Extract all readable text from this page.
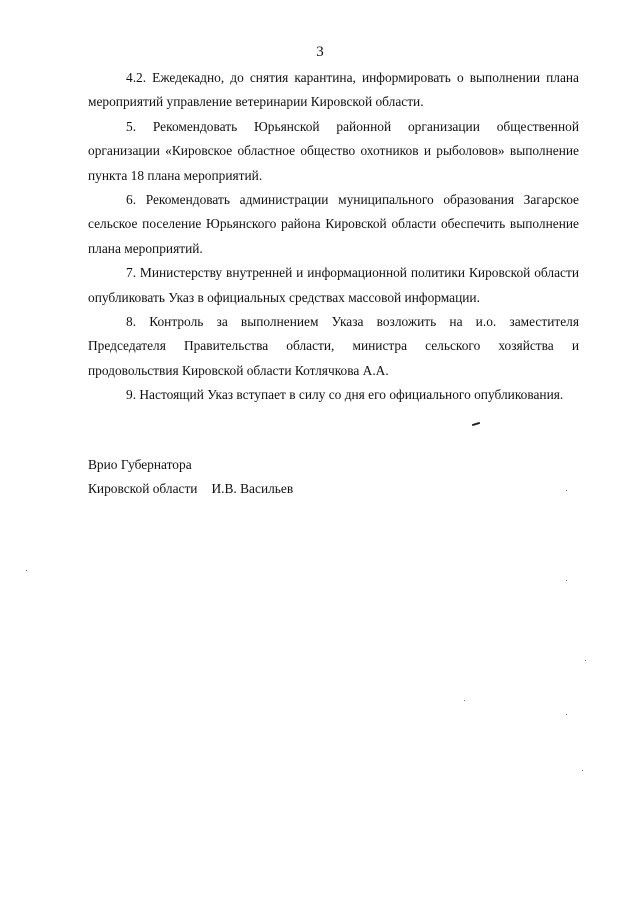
3

4.2. Ежедекадно, до снятия карантина, информировать о выполнении плана мероприятий управление ветеринарии Кировской области.

5. Рекомендовать Юрьянской районной организации общественной организации «Кировское областное общество охотников и рыболовов» выполнение пункта 18 плана мероприятий.

6. Рекомендовать администрации муниципального образования Загарское сельское поселение Юрьянского района Кировской области обеспечить выполнение плана мероприятий.

7. Министерству внутренней и информационной политики Кировской области опубликовать Указ в официальных средствах массовой информации.

8. Контроль за выполнением Указа возложить на и.о. заместителя Председателя Правительства области, министра сельского хозяйства и продовольствия Кировской области Котлячкова А.А.

9. Настоящий Указ вступает в силу со дня его официального опубликования.

Врио Губернатора
Кировской области И.В. Васильев
